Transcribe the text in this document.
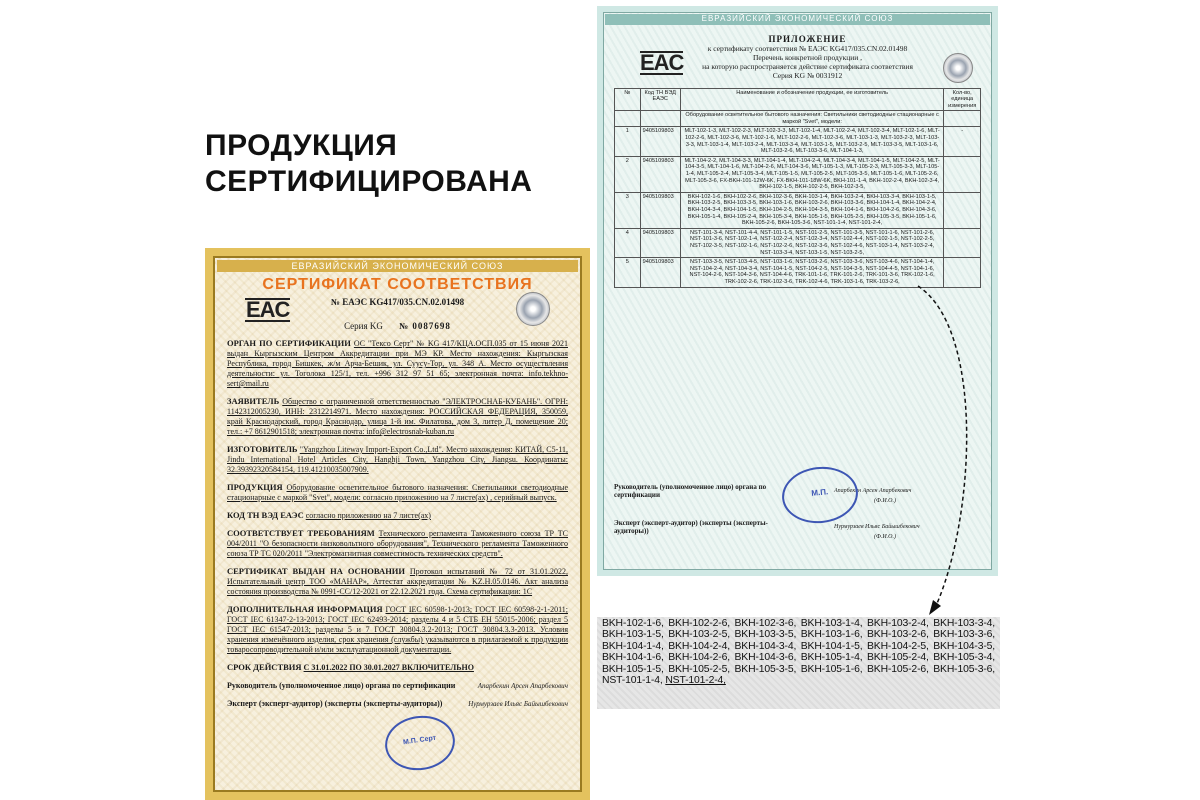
ПРОДУКЦИЯ
СЕРТИФИЦИРОВАНА
ЕВРАЗИЙСКИЙ ЭКОНОМИЧЕСКИЙ СОЮЗ
EAC
СЕРТИФИКАТ СООТВЕТСТВИЯ
№ ЕАЭС KG417/035.CN.02.01498
Серия KG № 0087698
ОРГАН ПО СЕРТИФИКАЦИИ ОС "Тексо Серт" № KG 417/КЦА.ОСП.035 от 15 июня 2021 выдан Кыргызским Центром Аккредитации при МЭ КР. Место нахождения: Кыргызская Республика, город Бишкек, ж/м Арча-Бешик, ул. Суусу-Тор, ул. 348 А. Место осуществления деятельности: ул. Тоголока 125/1, тел. +996 312 97 51 65; электронная почта: info.tekhno-sert@mail.ru
ЗАЯВИТЕЛЬ Общество с ограниченной ответственностью "ЭЛЕКТРОСНАБ-КУБАНЬ". ОГРН: 1142312005230, ИНН: 2312214971. Место нахождения: РОССИЙСКАЯ ФЕДЕРАЦИЯ, 350059, край Краснодарский, город Краснодар, улица 1-й им. Филатова, дом 3, литер Д, помещение 20; тел.: +7 8612901518; электронная почта: info@electrosnab-kuban.ru
ИЗГОТОВИТЕЛЬ "Yangzhou Liteway Import-Export Co.,Ltd". Место нахождения: КИТАЙ, C5-11, Jindu International Hotel Articles City, Hanghji Town, Yangzhou City, Jiangsu. Координаты: 32.39392320584154, 119.41210035007909.
ПРОДУКЦИЯ Оборудование осветительное бытового назначения: Светильники светодиодные стационарные с маркой "Svet", модели: согласно приложению на 7 листе(ах) , серийный выпуск.
КОД ТН ВЭД ЕАЭС согласно приложению на 7 листе(ах)
СООТВЕТСТВУЕТ ТРЕБОВАНИЯМ Технического регламента Таможенного союза ТР ТС 004/2011 "О безопасности низковольтного оборудования", Технического регламента Таможенного союза ТР ТС 020/2011 "Электромагнитная совместимость технических средств".
СЕРТИФИКАТ ВЫДАН НА ОСНОВАНИИ Протокол испытаний № 72 от 31.01.2022, Испытательный центр ТОО «МАНАР», Аттестат аккредитации № KZ.Н.05.0146. Акт анализа состояния производства № 0991-СС/12-2021 от 22.12.2021 года. Схема сертификации: 1С
ДОПОЛНИТЕЛЬНАЯ ИНФОРМАЦИЯ ГОСТ IEC 60598-1-2013; ГОСТ IEC 60598-2-1-2011; ГОСТ IEC 61347-2-13-2013; ГОСТ IEC 62493-2014; разделы 4 и 5 СТБ ЕН 55015-2006; раздел 5 ГОСТ IEC 61547-2013; разделы 5 и 7 ГОСТ 30804.3.2-2013; ГОСТ 30804.3.3-2013. Условия хранения изменённого изделия, срок хранения (службы) указываются в прилагаемой к продукции товаросопроводительной и/или эксплуатационной документации.
СРОК ДЕЙСТВИЯ С 31.01.2022 ПО 30.01.2027 ВКЛЮЧИТЕЛЬНО
Апарбекин Арсен Апарбекович
Руководитель (уполномоченное лицо) органа по сертификации
Нурмурзаев Ильяс Байышбекович
Эксперт (эксперт-аудитор) (эксперты (эксперты-аудиторы))
М.П. Серт
ЕВРАЗИЙСКИЙ ЭКОНОМИЧЕСКИЙ СОЮЗ
EAC
ПРИЛОЖЕНИЕ
к сертификату соответствия № ЕАЭС KG417/035.CN.02.01498
Перечень конкретной продукции ,
на которую распространяется действие сертификата соответствия
Серия KG № 0031912
№	Код ТН ВЭД ЕАЭС	Наименование и обозначение продукции, ее изготовитель	Кол-во, единица измерения
		Оборудование осветительное бытового назначения: Светильники светодиодные стационарные с маркой "Svet", модели:	
1	9405109803	MLT-102-1-3, MLT-102-2-3, MLT-102-3-3, MLT-102-1-4, MLT-102-2-4, MLT-102-3-4, MLT-102-1-6, MLT-102-2-6, MLT-102-3-6, MLT-102-1-6, MLT-102-2-6, MLT-102-3-6, MLT-103-1-3, MLT-103-2-3, MLT-103-3-3, MLT-103-1-4, MLT-103-2-4, MLT-103-3-4, MLT-103-1-5, MLT-103-2-5, MLT-103-3-5, MLT-103-1-6, MLT-103-2-6, MLT-103-3-6, MLT-104-1-3,	-
2	9405109803	MLT-104-2-2, MLT-104-3-3, MLT-104-1-4, MLT-104-2-4, MLT-104-3-4, MLT-104-1-5, MLT-104-2-5, MLT-104-3-5, MLT-104-1-6, MLT-104-2-6, MLT-104-3-6, MLT-105-1-3, MLT-105-2-3, MLT-105-3-3, MLT-105-1-4, MLT-105-2-4, MLT-105-3-4, MLT-105-1-5, MLT-105-2-5, MLT-105-3-5, MLT-105-1-6, MLT-105-2-6, MLT-105-3-6, FX-BKH-101-12W-6K, FX-BKH-101-18W-6K, BKH-101-1-4, BKH-102-2-4, BKH-102-3-4, BKH-102-1-5, BKH-102-2-5, BKH-102-3-5,	
3	9405109803	BKH-102-1-6, BKH-102-2-6, BKH-102-3-6, BKH-103-1-4, BKH-103-2-4, BKH-103-3-4, BKH-103-1-5, BKH-103-2-5, BKH-103-3-5, BKH-103-1-6, BKH-103-2-6, BKH-103-3-6, BKH-104-1-4, BKH-104-2-4, BKH-104-3-4, BKH-104-1-5, BKH-104-2-5, BKH-104-3-5, BKH-104-1-6, BKH-104-2-6, BKH-104-3-6, BKH-105-1-4, BKH-105-2-4, BKH-105-3-4, BKH-105-1-5, BKH-105-2-5, BKH-105-3-5, BKH-105-1-6, BKH-105-2-6, BKH-105-3-6, NST-101-1-4, NST-101-2-4,	
4	9405109803	NST-101-3-4, NST-101-4-4, NST-101-1-5, NST-101-2-5, NST-101-3-5, NST-101-1-6, NST-101-2-6, NST-101-3-6, NST-102-1-4, NST-102-2-4, NST-102-3-4, NST-102-4-4, NST-102-1-5, NST-102-2-5, NST-102-3-5, NST-102-1-6, NST-102-2-6, NST-102-3-6, NST-102-4-6, NST-103-1-4, NST-103-2-4, NST-103-3-4, NST-103-1-5, NST-103-2-5,	
5	9405109803	NST-103-3-5, NST-103-4-5, NST-103-1-6, NST-103-2-6, NST-103-3-6, NST-103-4-6, NST-104-1-4, NST-104-2-4, NST-104-3-4, NST-104-1-5, NST-104-2-5, NST-104-3-5, NST-104-4-5, NST-104-1-6, NST-104-2-6, NST-104-3-6, NST-104-4-6, TRK-101-1-6, TRK-101-2-6, TRK-101-3-6, TRK-102-1-6, TRK-102-2-6, TRK-102-3-6, TRK-102-4-6, TRK-103-1-6, TRK-103-2-6,	
Руководитель (уполномоченное лицо) органа по сертификации	Апарбекин Арсен Апарбекович
(Ф.И.О.)
Эксперт (эксперт-аудитор) (эксперты (эксперты-аудиторы))	Нурмурзаев Ильяс Байышбекович
(Ф.И.О.)
М.П.
BKH-102-1-6, BKH-102-2-6, BKH-102-3-6, BKH-103-1-4, BKH-103-2-4, BKH-103-3-4, BKH-103-1-5, BKH-103-2-5, BKH-103-3-5, BKH-103-1-6, BKH-103-2-6, BKH-103-3-6, BKH-104-1-4, BKH-104-2-4, BKH-104-3-4, BKH-104-1-5, BKH-104-2-5, BKH-104-3-5, BKH-104-1-6, BKH-104-2-6, BKH-104-3-6, BKH-105-1-4, BKH-105-2-4, BKH-105-3-4, BKH-105-1-5, BKH-105-2-5, BKH-105-3-5, BKH-105-1-6, BKH-105-2-6, BKH-105-3-6, NST-101-1-4, NST-101-2-4,
